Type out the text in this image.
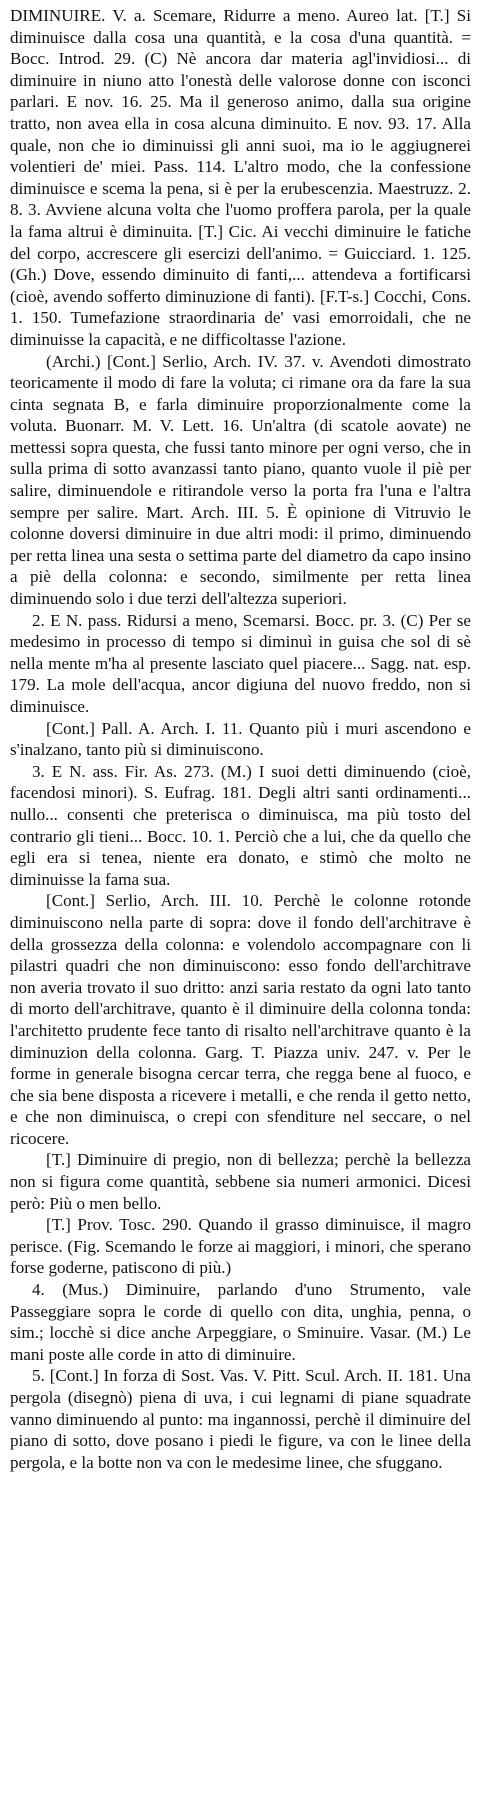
DIMINUIRE. V. a. Scemare, Ridurre a meno. Aureo lat. [T.] Si diminuisce dalla cosa una quantità, e la cosa d'una quantità. = Bocc. Introd. 29. (C) Nè ancora dar materia agl'invidiosi... di diminuire in niuno atto l'onestà delle valorose donne con isconci parlari. E nov. 16. 25. Ma il generoso animo, dalla sua origine tratto, non avea ella in cosa alcuna diminuito. E nov. 93. 17. Alla quale, non che io diminuissi gli anni suoi, ma io le aggiugnerei volentieri de' miei. Pass. 114. L'altro modo, che la confessione diminuisce e scema la pena, si è per la erubescenzia. Maestruzz. 2. 8. 3. Avviene alcuna volta che l'uomo proffera parola, per la quale la fama altrui è diminuita. [T.] Cic. Ai vecchi diminuire le fatiche del corpo, accrescere gli esercizi dell'animo. = Guicciard. 1. 125. (Gh.) Dove, essendo diminuito di fanti,... attendeva a fortificarsi (cioè, avendo sofferto diminuzione di fanti). [F.T-s.] Cocchi, Cons. 1. 150. Tumefazione straordinaria de' vasi emorroidali, che ne diminuisse la capacità, e ne difficoltasse l'azione.

(Archi.) [Cont.] Serlio, Arch. IV. 37. v. Avendoti dimostrato teoricamente il modo di fare la voluta; ci rimane ora da fare la sua cinta segnata B, e farla diminuire proporzionalmente come la voluta. Buonarr. M. V. Lett. 16. Un'altra (di scatole aovate) ne mettessi sopra questa, che fussi tanto minore per ogni verso, che in sulla prima di sotto avanzassi tanto piano, quanto vuole il piè per salire, diminuendole e ritirandole verso la porta fra l'una e l'altra sempre per salire. Mart. Arch. III. 5. È opinione di Vitruvio le colonne doversi diminuire in due altri modi: il primo, diminuendo per retta linea una sesta o settima parte del diametro da capo insino a piè della colonna: e secondo, similmente per retta linea diminuendo solo i due terzi dell'altezza superiori.

2. E N. pass. Ridursi a meno, Scemarsi. Bocc. pr. 3. (C) Per se medesimo in processo di tempo si diminuì in guisa che sol di sè nella mente m'ha al presente lasciato quel piacere... Sagg. nat. esp. 179. La mole dell'acqua, ancor digiuna del nuovo freddo, non si diminuisce.

[Cont.] Pall. A. Arch. I. 11. Quanto più i muri ascendono e s'inalzano, tanto più si diminuiscono.

3. E N. ass. Fir. As. 273. (M.) I suoi detti diminuendo (cioè, facendosi minori). S. Eufrag. 181. Degli altri santi ordinamenti... nullo... consenti che preterisca o diminuisca, ma più tosto del contrario gli tieni... Bocc. 10. 1. Perciò che a lui, che da quello che egli era si tenea, niente era donato, e stimò che molto ne diminuisse la fama sua.

[Cont.] Serlio, Arch. III. 10. Perchè le colonne rotonde diminuiscono nella parte di sopra: dove il fondo dell'architrave è della grossezza della colonna: e volendolo accompagnare con li pilastri quadri che non diminuiscono: esso fondo dell'architrave non averia trovato il suo dritto: anzi saria restato da ogni lato tanto di morto dell'architrave, quanto è il diminuire della colonna tonda: l'architetto prudente fece tanto di risalto nell'architrave quanto è la diminuzion della colonna. Garg. T. Piazza univ. 247. v. Per le forme in generale bisogna cercar terra, che regga bene al fuoco, e che sia bene disposta a ricevere i metalli, e che renda il getto netto, e che non diminuisca, o crepi con sfenditure nel seccare, o nel ricocere.

[T.] Diminuire di pregio, non di bellezza; perchè la bellezza non si figura come quantità, sebbene sia numeri armonici. Dicesi però: Più o men bello.

[T.] Prov. Tosc. 290. Quando il grasso diminuisce, il magro perisce. (Fig. Scemando le forze ai maggiori, i minori, che sperano forse goderne, patiscono di più.)

4. (Mus.) Diminuire, parlando d'uno Strumento, vale Passeggiare sopra le corde di quello con dita, unghia, penna, o sim.; locchè si dice anche Arpeggiare, o Sminuire. Vasar. (M.) Le mani poste alle corde in atto di diminuire.

5. [Cont.] In forza di Sost. Vas. V. Pitt. Scul. Arch. II. 181. Una pergola (disegnò) piena di uva, i cui legnami di piane squadrate vanno diminuendo al punto: ma ingannossi, perchè il diminuire del piano di sotto, dove posano i piedi le figure, va con le linee della pergola, e la botte non va con le medesime linee, che sfuggano.
